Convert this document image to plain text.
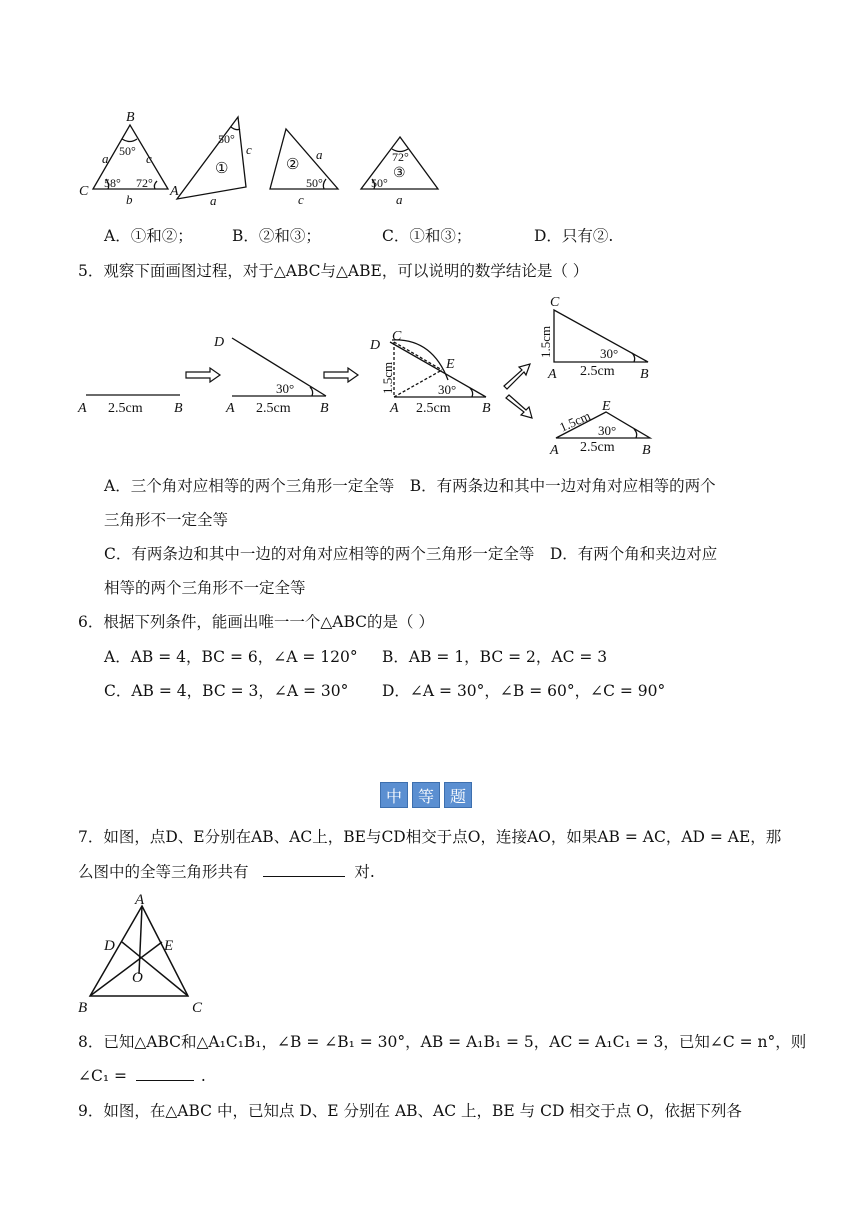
B
C	A
a	c
b
50°
58° 72°
50°
①
c
a
②
a
c
50°
72°
③
50°
a
A．①和②；	B．②和③；	C．①和③；	D．只有②.
5．观察下面画图过程，对于△ABC与△ABE，可以说明的数学结论是（ ）
A 2.5cm B
D
30°
A 2.5cm B
D
C
E
30°
1.5cm
A 2.5cm B
C
1.5cm	30°
A 2.5cm B
E
1.5cm 30°
A 2.5cm B
A．三个角对应相等的两个三角形一定全等　B．有两条边和其中一边对角对应相等的两个
三角形不一定全等
C．有两条边和其中一边的对角对应相等的两个三角形一定全等　D．有两个角和夹边对应
相等的两个三角形不一定全等
6．根据下列条件，能画出唯一一个△ABC的是（ ）
A．AB = 4，BC = 6，∠A = 120° B．AB = 1，BC = 2，AC = 3
C．AB = 4，BC = 3，∠A = 30° D．∠A = 30°，∠B = 60°，∠C = 90°
中 等 题
7．如图，点D、E分别在AB、AC上，BE与CD相交于点O，连接AO，如果AB = AC，AD = AE，那
么图中的全等三角形共有	对.
A
D	E
O
B	C
8．已知△ABC和△A₁C₁B₁，∠B = ∠B₁ = 30°，AB = A₁B₁ = 5，AC = A₁C₁ = 3，已知∠C = n°，则
∠C₁ =	.
9．如图，在△ABC 中，已知点 D、E 分别在 AB、AC 上，BE 与 CD 相交于点 O，依据下列各
